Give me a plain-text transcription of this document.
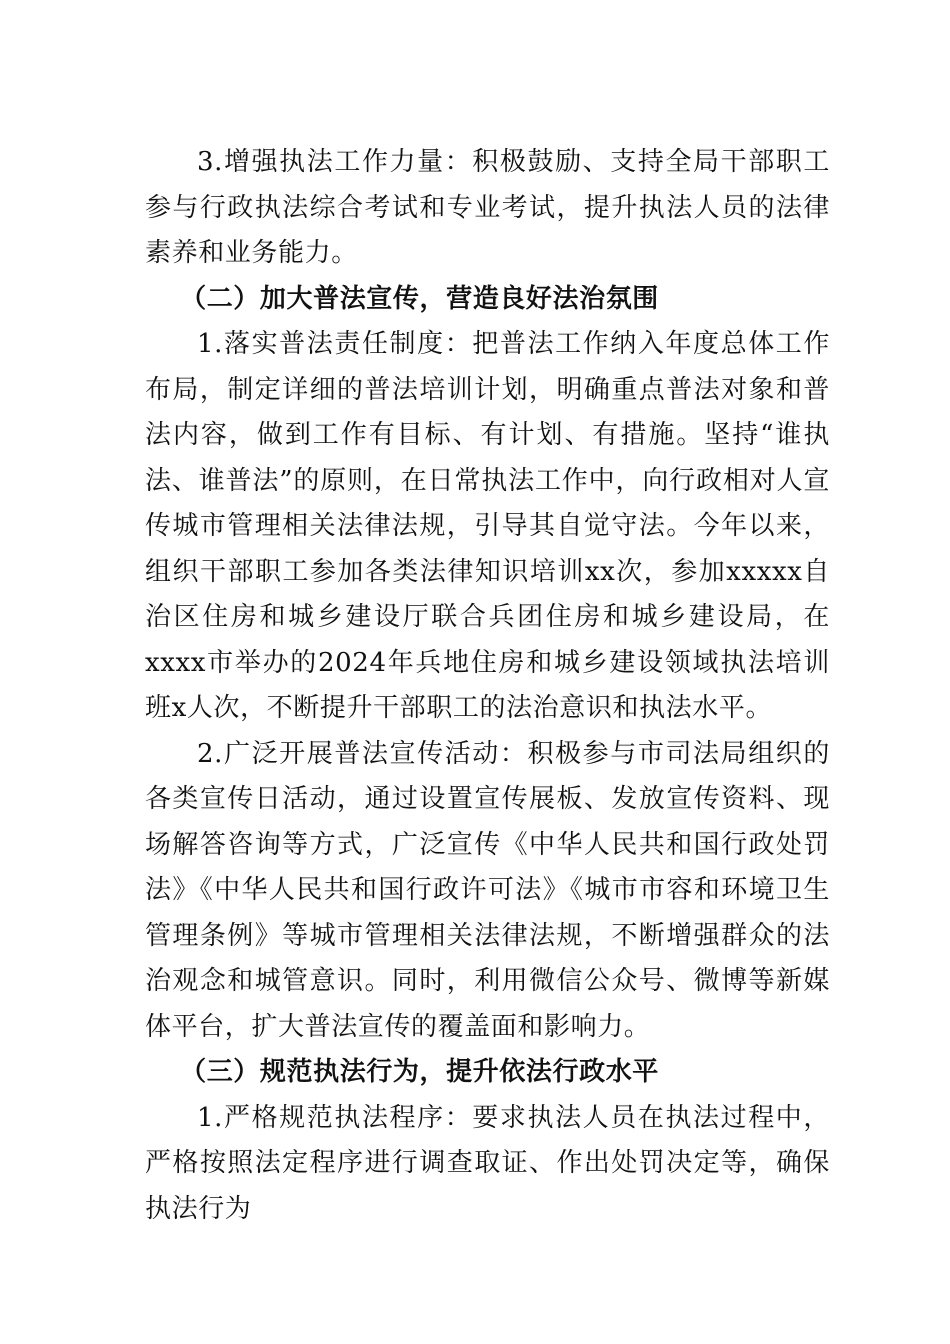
3.增强执法工作力量：积极鼓励、支持全局干部职工参与行政执法综合考试和专业考试，提升执法人员的法律素养和业务能力。

（二）加大普法宣传，营造良好法治氛围

1.落实普法责任制度：把普法工作纳入年度总体工作布局，制定详细的普法培训计划，明确重点普法对象和普法内容，做到工作有目标、有计划、有措施。坚持“谁执法、谁普法”的原则，在日常执法工作中，向行政相对人宣传城市管理相关法律法规，引导其自觉守法。今年以来，组织干部职工参加各类法律知识培训xx次，参加xxxxx自治区住房和城乡建设厅联合兵团住房和城乡建设局，在xxxx市举办的2024年兵地住房和城乡建设领域执法培训班x人次，不断提升干部职工的法治意识和执法水平。

2.广泛开展普法宣传活动：积极参与市司法局组织的各类宣传日活动，通过设置宣传展板、发放宣传资料、现场解答咨询等方式，广泛宣传《中华人民共和国行政处罚法》《中华人民共和国行政许可法》《城市市容和环境卫生管理条例》等城市管理相关法律法规，不断增强群众的法治观念和城管意识。同时，利用微信公众号、微博等新媒体平台，扩大普法宣传的覆盖面和影响力。

（三）规范执法行为，提升依法行政水平

1.严格规范执法程序：要求执法人员在执法过程中，严格按照法定程序进行调查取证、作出处罚决定等，确保执法行为
